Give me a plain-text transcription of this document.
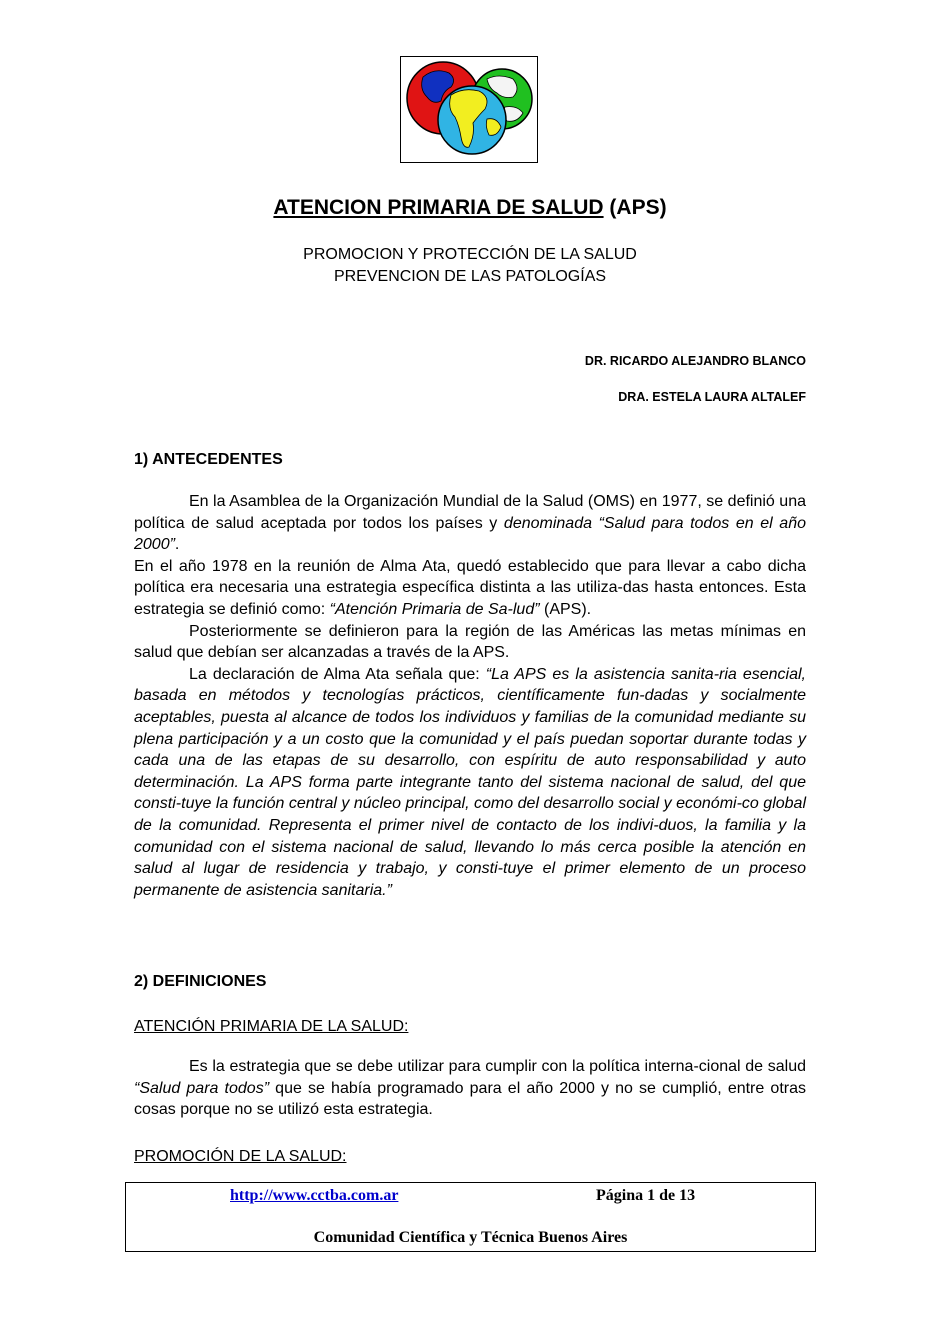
ATENCION PRIMARIA DE SALUD (APS)
PROMOCION Y PROTECCIÓN DE LA SALUD
PREVENCION DE LAS PATOLOGÍAS
DR. RICARDO ALEJANDRO BLANCO
DRA. ESTELA LAURA ALTALEF
1) ANTECEDENTES

En la Asamblea de la Organización Mundial de la Salud (OMS) en 1977, se definió una política de salud aceptada por todos los países y denominada “Salud para todos en el año 2000”.

En el año 1978 en la reunión de Alma Ata, quedó establecido que para llevar a cabo dicha política era necesaria una estrategia específica distinta a las utiliza-das hasta entonces. Esta estrategia se definió como: “Atención Primaria de Sa-lud” (APS).

Posteriormente se definieron para la región de las Américas las metas mínimas en salud que debían ser alcanzadas a través de la APS.

La declaración de Alma Ata señala que: “La APS es la asistencia sanita-ria esencial, basada en métodos y tecnologías prácticos, científicamente fun-dadas y socialmente aceptables, puesta al alcance de todos los individuos y familias de la comunidad mediante su plena participación y a un costo que la comunidad y el país puedan soportar durante todas y cada una de las etapas de su desarrollo, con espíritu de auto responsabilidad y auto determinación. La APS forma parte integrante tanto del sistema nacional de salud, del que consti-tuye la función central y núcleo principal, como del desarrollo social y económi-co global de la comunidad. Representa el primer nivel de contacto de los indivi-duos, la familia y la comunidad con el sistema nacional de salud, llevando lo más cerca posible la atención en salud al lugar de residencia y trabajo, y consti-tuye el primer elemento de un proceso permanente de asistencia sanitaria.”

2) DEFINICIONES
ATENCIÓN PRIMARIA DE LA SALUD:

Es la estrategia que se debe utilizar para cumplir con la política interna-cional de salud “Salud para todos” que se había programado para el año 2000 y no se cumplió, entre otras cosas porque no se utilizó esta estrategia.

PROMOCIÓN DE LA SALUD:
http://www.cctba.com.ar	Página 1 de 13
Comunidad Científica y Técnica Buenos Aires
